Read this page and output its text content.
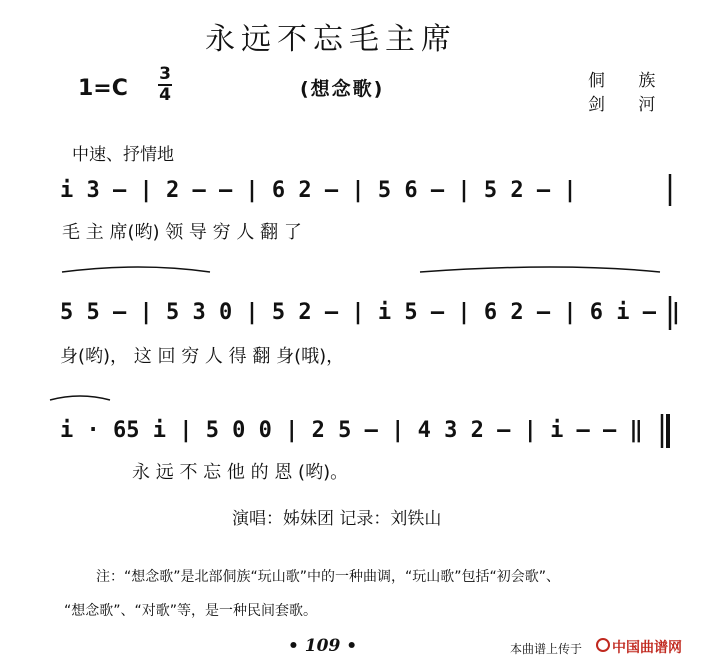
永远不忘毛主席
1=C
3
4	(想念歌)	侗 族
剑 河
中速、抒情地
i 3 — | 2 — — | 6 2 — | 5 6 — | 5 2 — |
毛 主 席(哟) 领 导 穷 人 翻 了
5 5 — | 5 3 0 | 5 2 — | i 5 — | 6 2 — | 6 i — |
身(哟)， 这 回 穷 人 得 翻 身(哦)，
i · 65 i | 5 0 0 | 2 5 — | 4 3 2 — | i — — ‖
永 远 不 忘 他 的 恩 (哟)。
演唱：姊妹团 记录：刘铁山
注：“想念歌”是北部侗族“玩山歌”中的一种曲调，“玩山歌”包括“初会歌”、
“想念歌”、“对歌”等，是一种民间套歌。
• 109 •	本曲谱上传于 中国曲谱网
